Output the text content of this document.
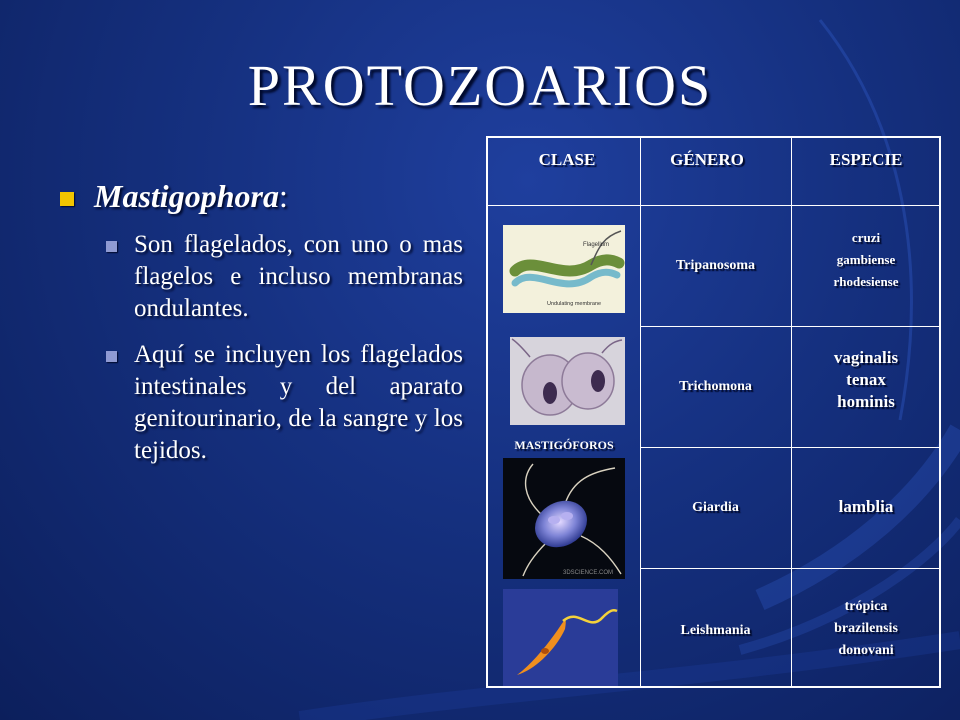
PROTOZOARIOS
Mastigophora:
Son flagelados, con uno o mas flagelos e incluso membranas ondulantes.
Aquí se incluyen los flagelados intestinales y del aparato genitourinario, de la sangre y los tejidos.
CLASE	GÉNERO	ESPECIE
Flagellum
Undulating membrane
MASTIGÓFOROS
3DSCIENCE.COM
Tripanosoma
Trichomona
Giardia
Leishmania
cruzi
gambiense
rhodesiense
vaginalis
tenax
hominis
lamblia
trópica
brazilensis
donovani
